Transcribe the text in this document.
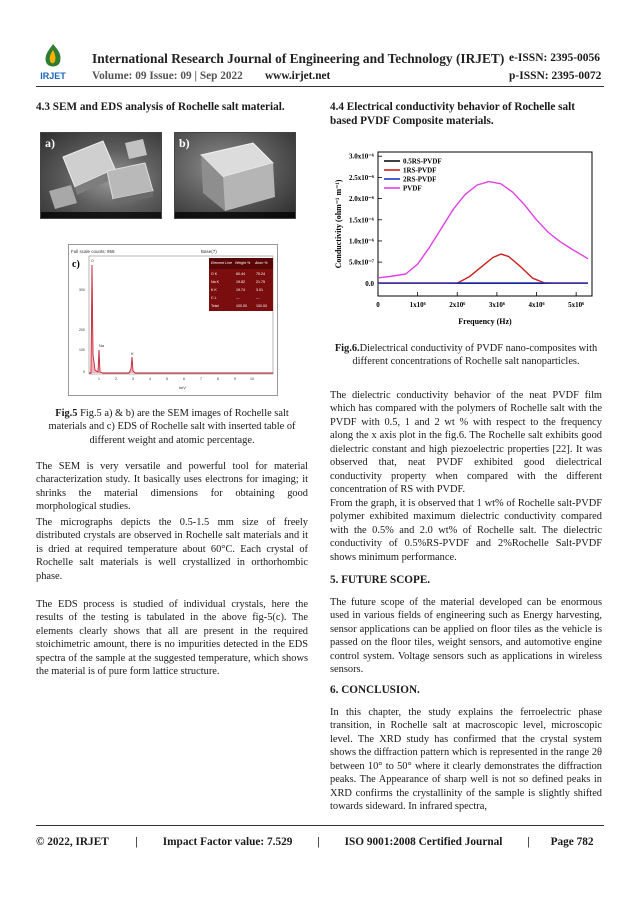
IRJET
International Research Journal of Engineering and Technology (IRJET) e-ISSN: 2395-0056
Volume: 09 Issue: 09 | Sep 2022 www.irjet.net	p-ISSN: 2395-0072
4.3 SEM and EDS analysis of Rochelle salt material.
a)	b)
Full scale counts: 958	Base(7)
c)
300
200
100
0
1	2	3	4	5	6	7	8	9	10
keV
O
Na
K
Element Line Weight % Atom %
O K	60.44	75.24
Na K	19.82	21.75
K K	19.74	3.01
C L	---	---
Total	100.00	100.00

Fig.5 Fig.5 a) & b) are the SEM images of Rochelle salt materials and c) EDS of Rochelle salt with inserted table of different weight and atomic percentage.

The SEM is very versatile and powerful tool for material characterization study. It basically uses electrons for imaging; it shrinks the material dimensions for obtaining good morphological studies.

The micrographs depicts the 0.5-1.5 mm size of freely distributed crystals are observed in Rochelle salt materials and it is dried at required temperature about 60°C. Each crystal of Rochelle salt materials is well crystallized in orthorhombic phase.

The EDS process is studied of individual crystals, here the results of the testing is tabulated in the above fig-5(c). The elements clearly shows that all are present in the required stoichimetric amount, there is no impurities detected in the EDS spectra of the sample at the suggested temperature, which shows the material is of pure form lattice structure.

4.4 Electrical conductivity behavior of Rochelle salt based PVDF Composite materials.
0.0
5.0x10⁻⁷
1.0x10⁻⁶
1.5x10⁻⁶
2.0x10⁻⁶
2.5x10⁻⁶
3.0x10⁻⁶
0	1x10⁶	2x10⁶	3x10⁶	4x10⁶	5x10⁶
Frequency (Hz)
Conductivity (ohm⁻¹ m⁻¹)
0.5RS-PVDF
1RS-PVDF
2RS-PVDF
PVDF

Fig.6.Dielectrical conductivity of PVDF nano-composites with different concentrations of Rochelle salt nanoparticles.

The dielectric conductivity behavior of the neat PVDF film which has compared with the polymers of Rochelle salt with the PVDF with 0.5, 1 and 2 wt % with respect to the frequency along the x axis plot in the fig.6. The Rochelle salt exhibits good dielectric constant and high piezoelectric properties [22]. It was observed that, neat PVDF exhibited good dielectrical conductivity property when compared with the different concentration of RS with PVDF.

From the graph, it is observed that 1 wt% of Rochelle salt-PVDF polymer exhibited maximum dielectric conductivity compared with the 0.5% and 2.0 wt% of Rochelle salt. The dielectric conductivity of 0.5%RS-PVDF and 2%Rochelle Salt-PVDF shows minimum performance.

5. FUTURE SCOPE.

The future scope of the material developed can be enormous used in various fields of engineering such as Energy harvesting, sensor applications can be applied on floor tiles as the vehicle is passed on the floor tiles, weight sensors, and automotive engine control system. Voltage sensors such as applications in wireless sensors.

6. CONCLUSION.

In this chapter, the study explains the ferroelectric phase transition, in Rochelle salt at macroscopic level, microscopic level. The XRD study has confirmed that the crystal system shows the diffraction pattern which is represented in the range 2θ between 10° to 50° where it clearly demonstrates the diffraction peaks. The Appearance of sharp well is not so defined peaks in XRD confirms the crystallinity of the sample is slightly shifted towards sideward. In infrared spectra,

© 2022, IRJET | Impact Factor value: 7.529 | ISO 9001:2008 Certified Journal | Page 782
